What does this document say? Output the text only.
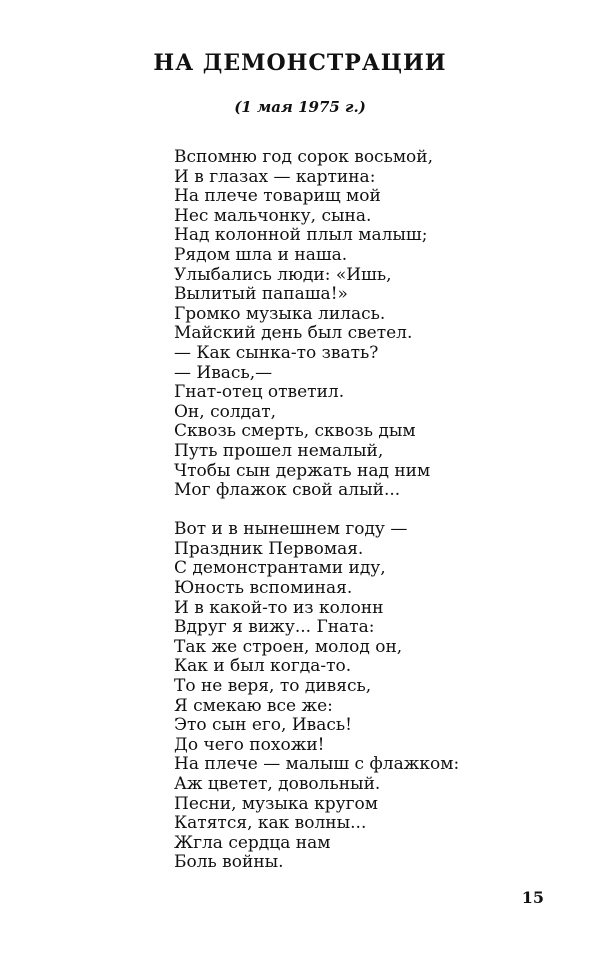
НА ДЕМОНСТРАЦИИ

(1 мая 1975 г.)

Вспомню год сорок восьмой,
И в глазах — картина:
На плече товарищ мой
Нес мальчонку, сына.
Над колонной плыл малыш;
Рядом шла и наша.
Улыбались люди: «Ишь,
Вылитый папаша!»
Громко музыка лилась.
Майский день был светел.
— Как сынка-то звать?
— Ивась,—
Гнат-отец ответил.
Он, солдат,
Сквозь смерть, сквозь дым
Путь прошел немалый,
Чтобы сын держать над ним
Мог флажок свой алый...
Вот и в нынешнем году —
Праздник Первомая.
С демонстрантами иду,
Юность вспоминая.
И в какой-то из колонн
Вдруг я вижу... Гната:
Так же строен, молод он,
Как и был когда-то.
То не веря, то дивясь,
Я смекаю все же:
Это сын его, Ивась!
До чего похожи!
На плече — малыш с флажком:
Аж цветет, довольный.
Песни, музыка кругом
Катятся, как волны...
Жгла сердца нам
Боль войны.
15
